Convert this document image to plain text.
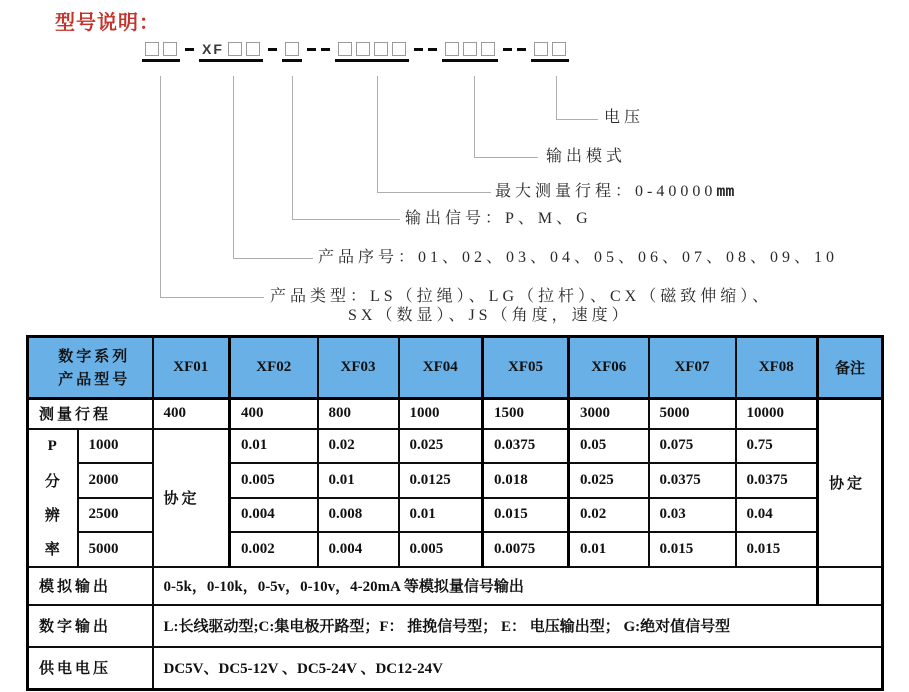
型号说明：
XF
电压
输出模式
最大测量行程：0-40000mm
输出信号：P、M、G
产品序号：01、02、03、04、05、06、07、08、09、10
产品类型：LS（拉绳）、LG（拉杆）、CX（磁致伸缩）、
SX（数显）、JS（角度，速度）
数字系列
产品型号		XF01	XF02	XF03	XF04	XF05	XF06	XF07	XF08	备注
测量行程		400	400	800	1000	1500	3000	5000	10000	协定

P
分
辨
率	1000	协定	0.01	0.02	0.025	0.0375	0.05	0.075	0.75	
	2000		0.005	0.01	0.0125	0.018	0.025	0.0375	0.0375	
	2500		0.004	0.008	0.01	0.015	0.02	0.03	0.04	
	5000		0.002	0.004	0.005	0.0075	0.01	0.015	0.015	
模拟输出		0-5k，0-10k，0-5v，0-10v，4-20mA 等模拟量信号输出								
数字输出		L:长线驱动型;C:集电极开路型；F： 推挽信号型； E： 电压输出型； G:绝对值信号型								
供电电压		DC5V、DC5-12V 、DC5-24V 、DC12-24V								
